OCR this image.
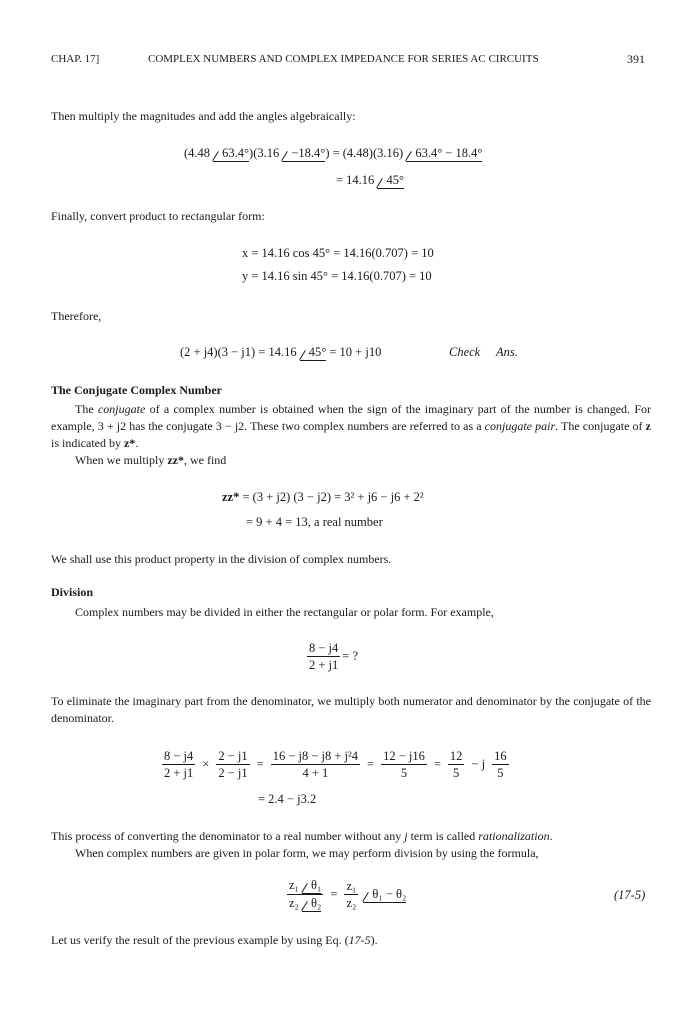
CHAP. 17]	COMPLEX NUMBERS AND COMPLEX IMPEDANCE FOR SERIES AC CIRCUITS	391
Then multiply the magnitudes and add the angles algebraically:
(4.48 63.4°)(3.16 −18.4°) = (4.48)(3.16) 63.4° − 18.4°
= 14.16 45°
Finally, convert product to rectangular form:
x = 14.16 cos 45° = 14.16(0.707) = 10
y = 14.16 sin 45° = 14.16(0.707) = 10
Therefore,
(2 + j4)(3 − j1) = 14.16 45° = 10 + j10	Check Ans.
The Conjugate Complex Number
The conjugate of a complex number is obtained when the sign of the imaginary part of the number is changed. For example, 3 + j2 has the conjugate 3 − j2. These two complex numbers are referred to as a conjugate pair. The conjugate of z is indicated by z*.
When we multiply zz*, we find
zz* = (3 + j2) (3 − j2) = 3² + j6 − j6 + 2²
= 9 + 4 = 13, a real number
We shall use this product property in the division of complex numbers.
Division
Complex numbers may be divided in either the rectangular or polar form. For example,
$\frac{8 - j4}{2 + j1}$ = ?
To eliminate the imaginary part from the denominator, we multiply both numerator and denominator by the conjugate of the denominator.
$\frac{8 - j4}{2 + j1} \times \frac{2 - j1}{2 - j1} = \frac{\text{16 − j8 − j8 + j²4}}{4 + 1} = \frac{12 - j16}{5} = \frac{12}{5} - j \frac{16}{5}$
= 2.4 − j3.2
This process of converting the denominator to a real number without any j term is called rationalization.
When complex numbers are given in polar form, we may perform division by using the formula,
$\frac{\text{z₁ θ₁}}{\text{z₂ θ₂}} = \frac{\text{z₁}}{\text{z₂}}$	θ₁ − θ₂	(17-5)
Let us verify the result of the previous example by using Eq. (17-5).
